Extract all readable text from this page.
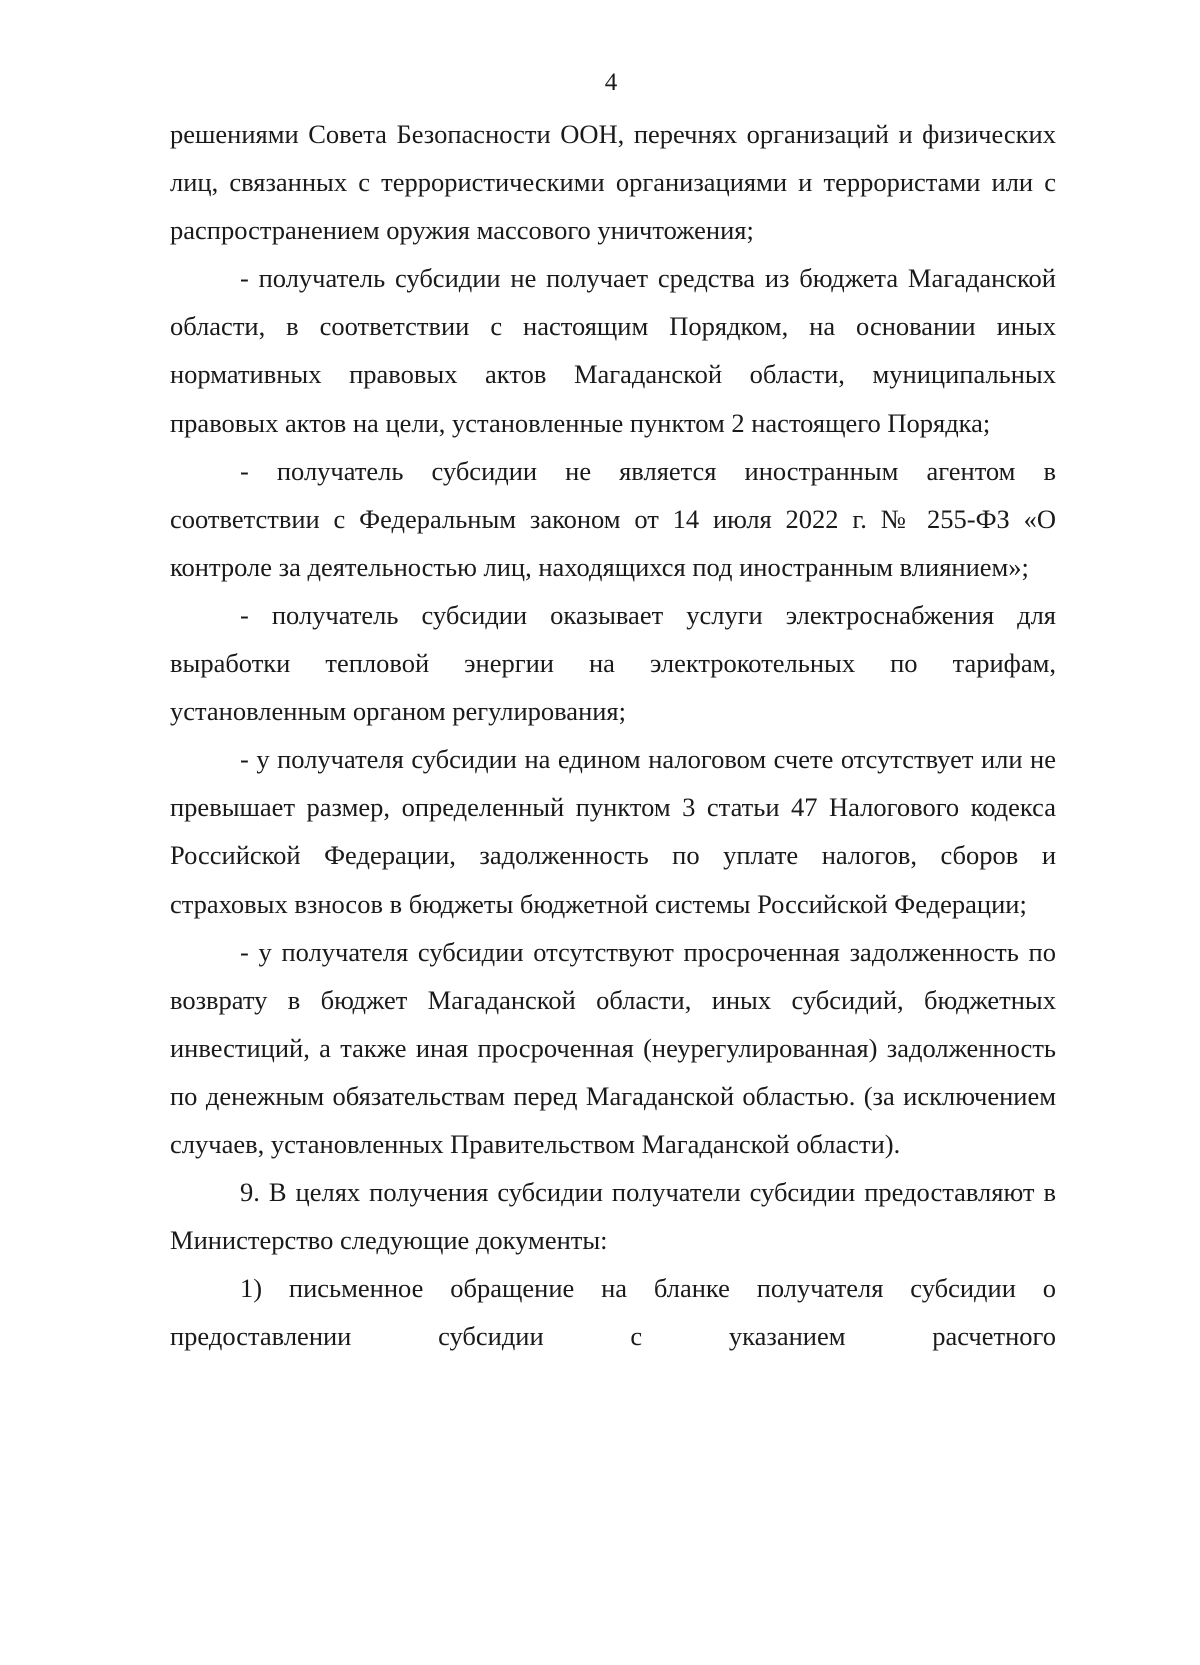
4

решениями Совета Безопасности ООН, перечнях организаций и физических лиц, связанных с террористическими организациями и террористами или с распространением оружия массового уничтожения;

- получатель субсидии не получает средства из бюджета Магаданской области, в соответствии с настоящим Порядком, на основании иных нормативных правовых актов Магаданской области, муниципальных правовых актов на цели, установленные пунктом 2 настоящего Порядка;

- получатель субсидии не является иностранным агентом в соответствии с Федеральным законом от 14 июля 2022 г. № 255-ФЗ «О контроле за деятельностью лиц, находящихся под иностранным влиянием»;

- получатель субсидии оказывает услуги электроснабжения для выработки тепловой энергии на электрокотельных по тарифам, установленным органом регулирования;

- у получателя субсидии на едином налоговом счете отсутствует или не превышает размер, определенный пунктом 3 статьи 47 Налогового кодекса Российской Федерации, задолженность по уплате налогов, сборов и страховых взносов в бюджеты бюджетной системы Российской Федерации;

- у получателя субсидии отсутствуют просроченная задолженность по возврату в бюджет Магаданской области, иных субсидий, бюджетных инвестиций, а также иная просроченная (неурегулированная) задолженность по денежным обязательствам перед Магаданской областью. (за исключением случаев, установленных Правительством Магаданской области).

9. В целях получения субсидии получатели субсидии предоставляют в Министерство следующие документы:

1) письменное обращение на бланке получателя субсидии о предоставлении субсидии с указанием расчетного
